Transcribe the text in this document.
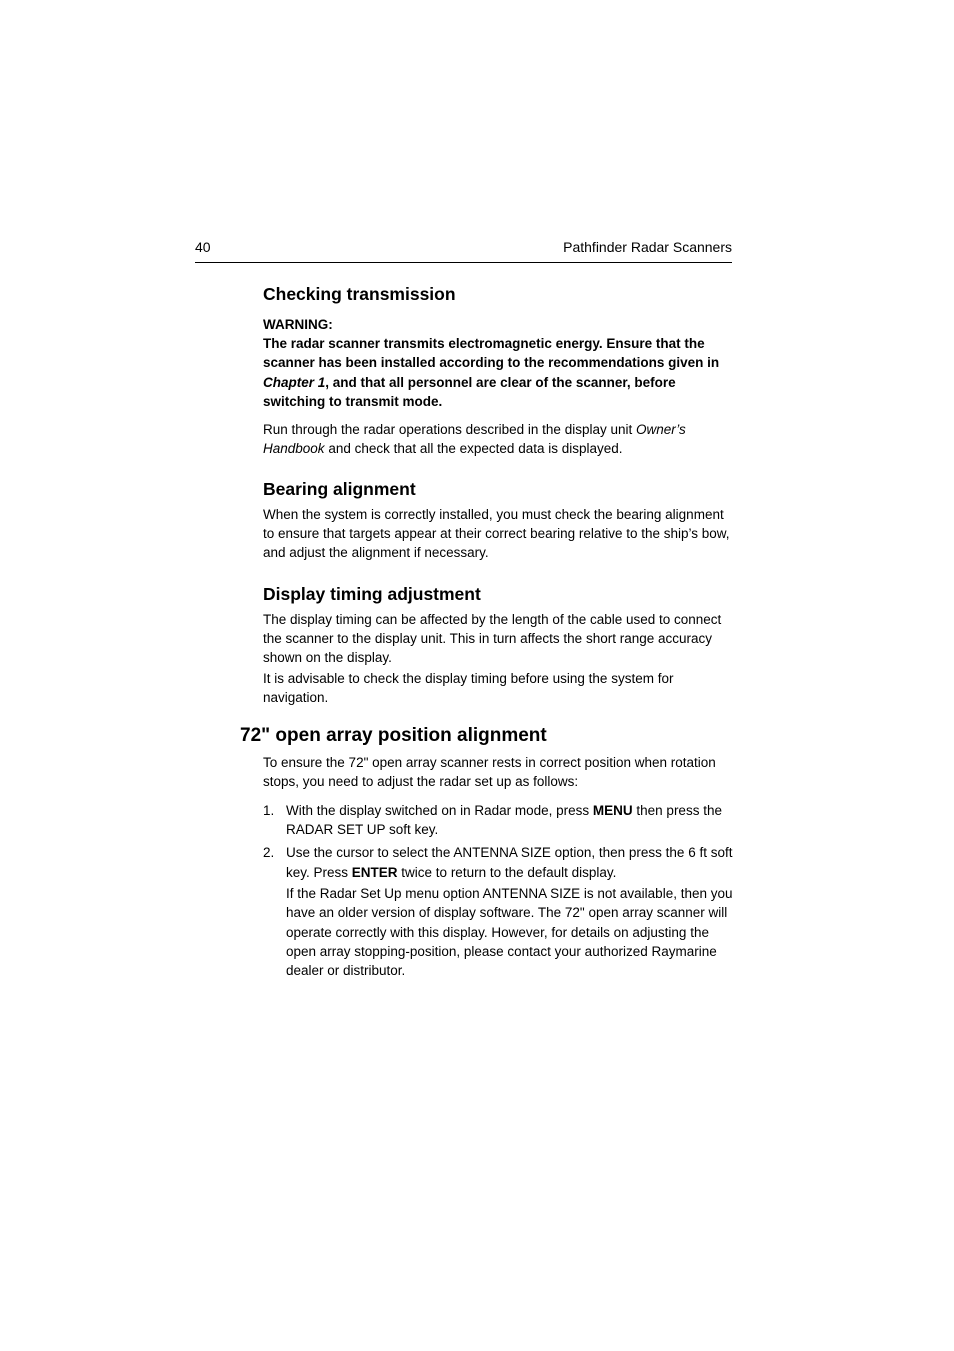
40	Pathfinder Radar Scanners
Checking transmission
WARNING:

The radar scanner transmits electromagnetic energy. Ensure that the scanner has been installed according to the recommendations given in Chapter 1, and that all personnel are clear of the scanner, before switching to transmit mode.

Run through the radar operations described in the display unit Owner’s Handbook and check that all the expected data is displayed.

Bearing alignment

When the system is correctly installed, you must check the bearing alignment to ensure that targets appear at their correct bearing relative to the ship’s bow, and adjust the alignment if necessary.

Display timing adjustment

The display timing can be affected by the length of the cable used to connect the scanner to the display unit. This in turn affects the short range accuracy shown on the display.

It is advisable to check the display timing before using the system for navigation.

72" open array position alignment

To ensure the 72" open array scanner rests in correct position when rotation stops, you need to adjust the radar set up as follows:

1. With the display switched on in Radar mode, press MENU then press the RADAR SET UP soft key.
2. Use the cursor to select the ANTENNA SIZE option, then press the 6 ft soft key. Press ENTER twice to return to the default display.
If the Radar Set Up menu option ANTENNA SIZE is not available, then you have an older version of display software. The 72" open array scanner will operate correctly with this display. However, for details on adjusting the open array stopping-position, please contact your authorized Raymarine dealer or distributor.
